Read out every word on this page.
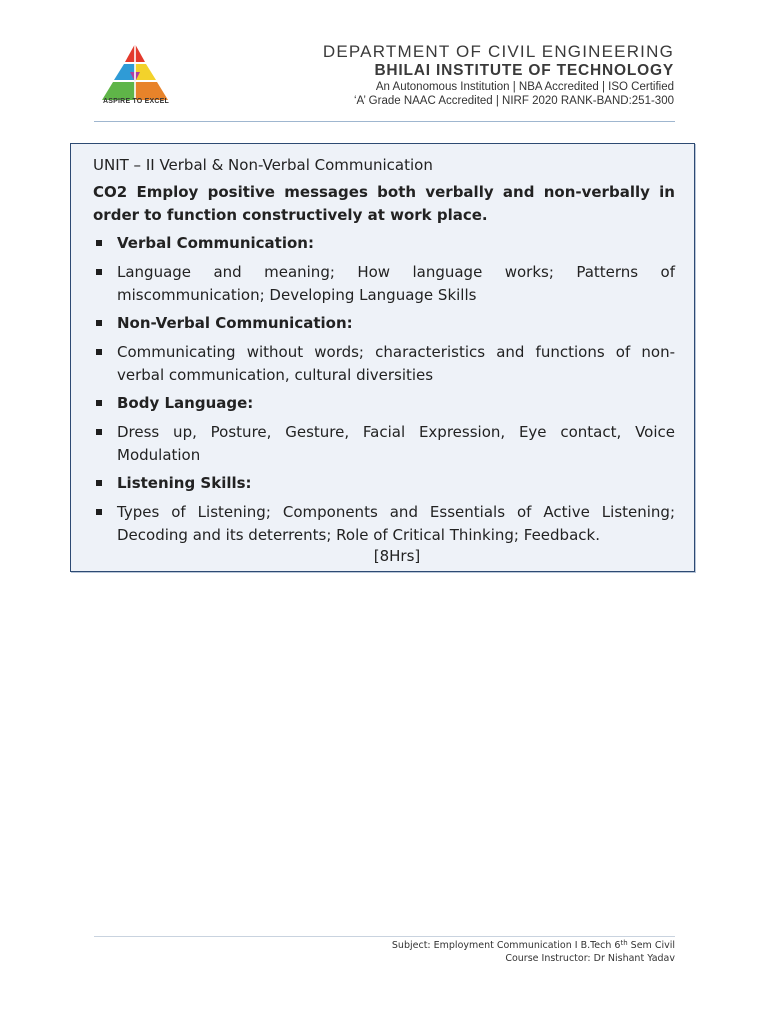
ASPIRE TO EXCEL
DEPARTMENT OF CIVIL ENGINEERING
BHILAI INSTITUTE OF TECHNOLOGY
An Autonomous Institution | NBA Accredited | ISO Certified
‘A’ Grade NAAC Accredited | NIRF 2020 RANK-BAND:251-300
UNIT – II Verbal & Non-Verbal Communication
CO2 Employ positive messages both verbally and non-verbally in order to function constructively at work place.
Verbal Communication:
Language and meaning; How language works; Patterns of miscommunication; Developing Language Skills
Non-Verbal Communication:
Communicating without words; characteristics and functions of non-verbal communication, cultural diversities
Body Language:
Dress up, Posture, Gesture, Facial Expression, Eye contact, Voice Modulation
Listening Skills:
Types of Listening; Components and Essentials of Active Listening; Decoding and its deterrents; Role of Critical Thinking; Feedback.
[8Hrs]
Subject: Employment Communication I B.Tech 6th Sem Civil
Course Instructor: Dr Nishant Yadav
